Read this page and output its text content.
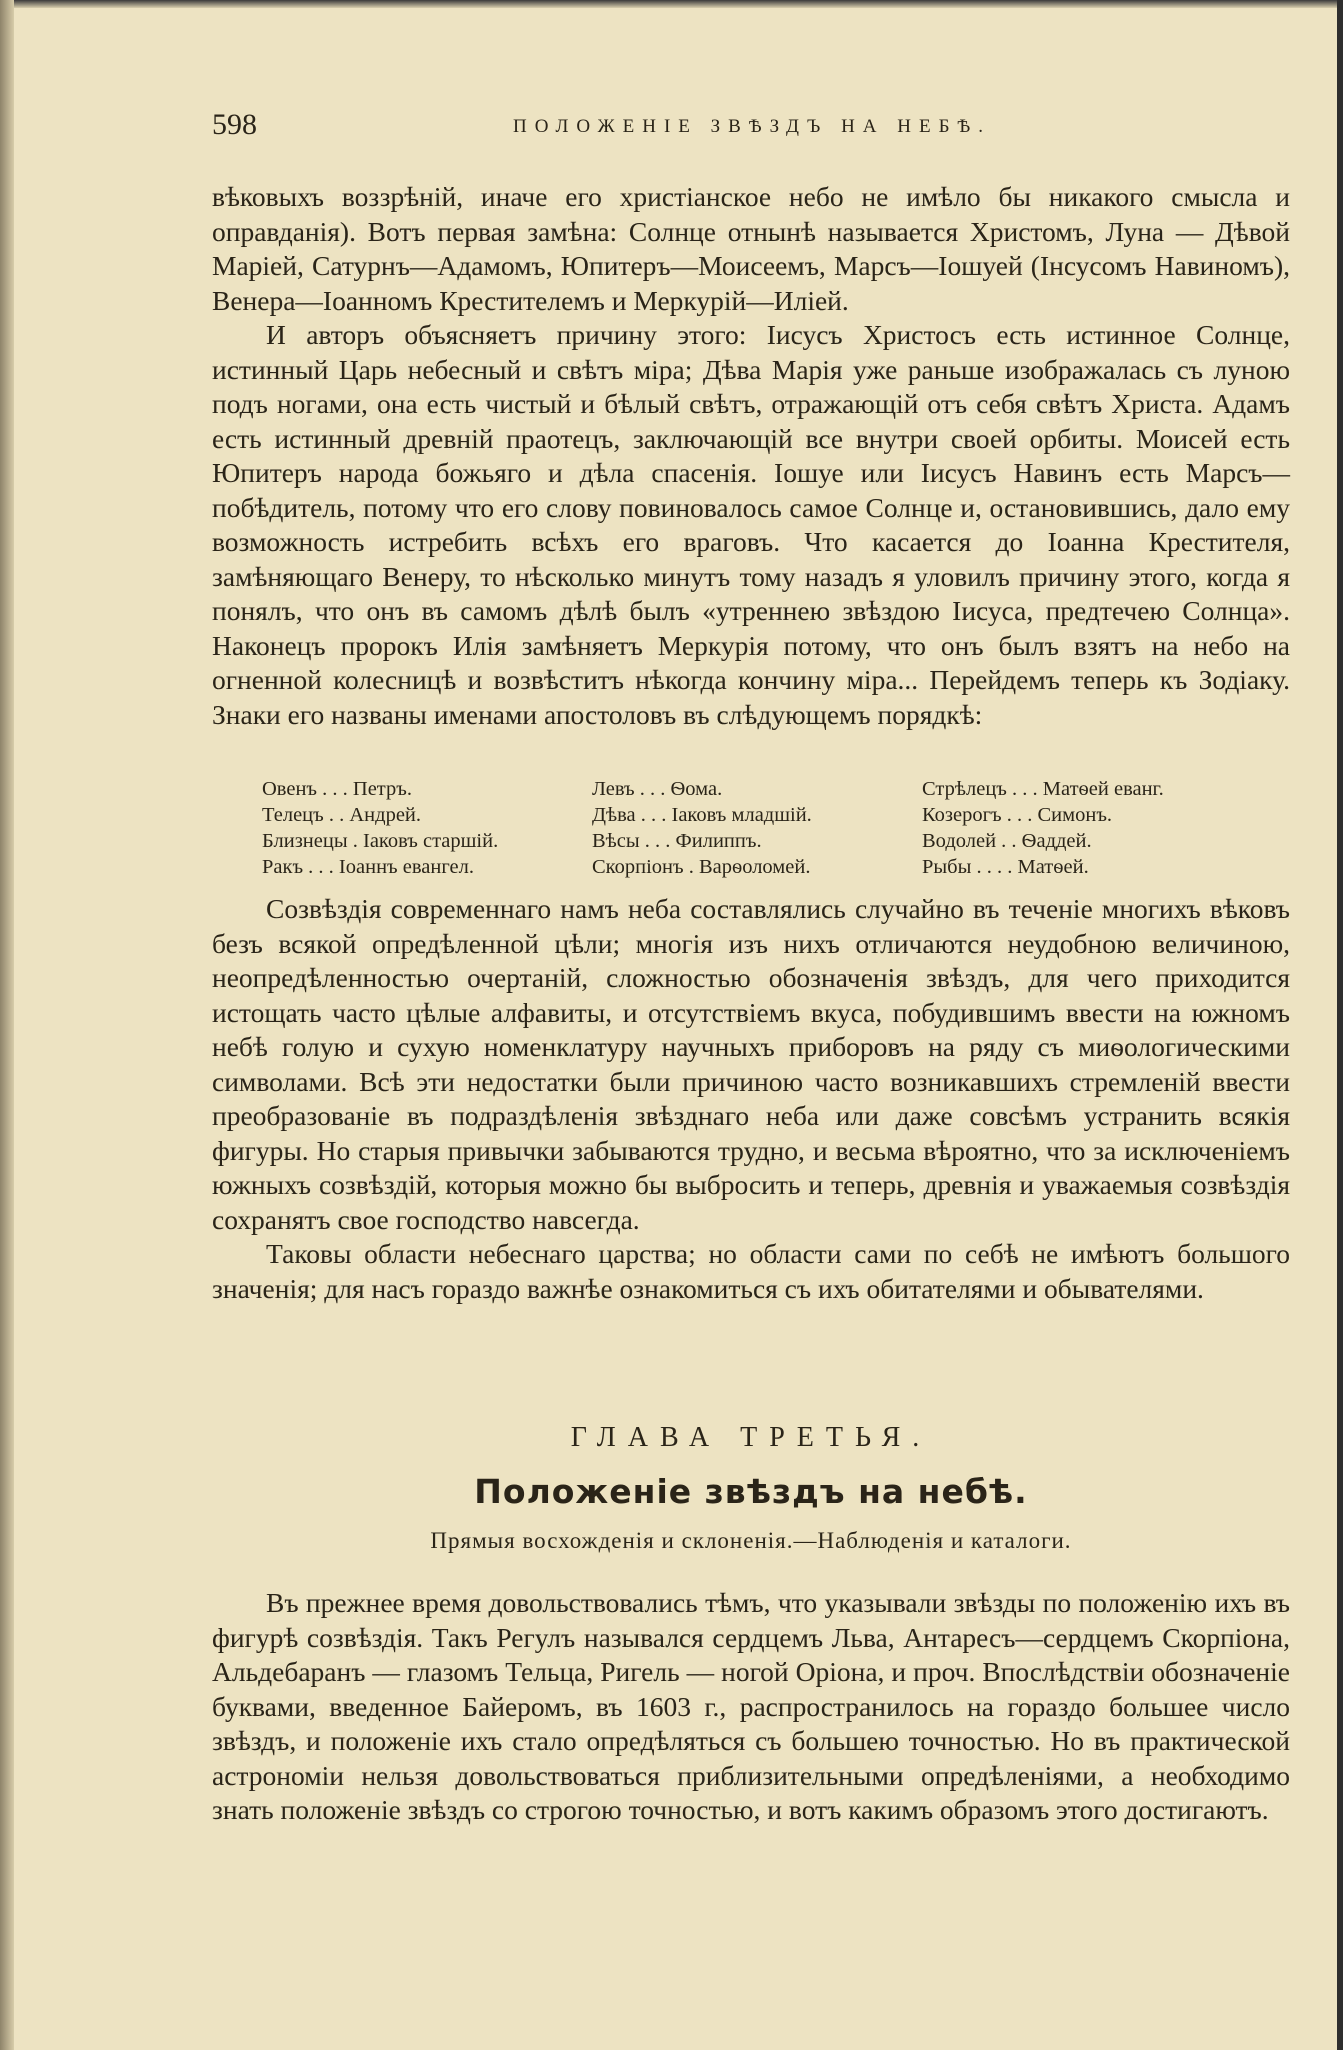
598	ПОЛОЖЕНІЕ ЗВѢЗДЪ НА НЕБѢ.

вѣковыхъ воззрѣній, иначе его христіанское небо не имѣло бы никакого смысла и оправданія). Вотъ первая замѣна: Солнце отнынѣ называется Христомъ, Луна — Дѣвой Маріей, Сатурнъ—Адамомъ, Юпитеръ—Моисеемъ, Марсъ—Іошуей (Інсусомъ Навиномъ), Венера—Іоанномъ Крестителемъ и Меркурій—Иліей.

И авторъ объясняетъ причину этого: Іисусъ Христосъ есть истинное Солнце, истинный Царь небесный и свѣтъ міра; Дѣва Марія уже раньше изображалась съ луною подъ ногами, она есть чистый и бѣлый свѣтъ, отражающій отъ себя свѣтъ Христа. Адамъ есть истинный древній праотецъ, заключающій все внутри своей орбиты. Моисей есть Юпитеръ народа божьяго и дѣла спасенія. Іошуе или Іисусъ Навинъ есть Марсъ—побѣдитель, потому что его слову повиновалось самое Солнце и, остановившись, дало ему возможность истребить всѣхъ его враговъ. Что касается до Іоанна Крестителя, замѣняющаго Венеру, то нѣсколько минутъ тому назадъ я уловилъ причину этого, когда я понялъ, что онъ въ самомъ дѣлѣ былъ «утреннею звѣздою Іисуса, предтечею Солнца». Наконецъ пророкъ Илія замѣняетъ Меркурія потому, что онъ былъ взятъ на небо на огненной колесницѣ и возвѣститъ нѣкогда кончину міра... Перейдемъ теперь къ Зодіаку. Знаки его названы именами апостоловъ въ слѣдующемъ порядкѣ:

Овенъ . . . Петръ.	Левъ . . . Ѳома.	Стрѣлецъ . . . Матѳей еванг.
Телецъ . . Андрей.	Дѣва . . . Іаковъ младшій.	Козерогъ . . . Симонъ.
Близнецы . Іаковъ старшій.	Вѣсы . . . Филиппъ.	Водолей . . Ѳаддей.
Ракъ . . . Іоаннъ евангел.	Скорпіонъ . Варѳоломей.	Рыбы . . . . Матѳей.

Созвѣздія современнаго намъ неба составлялись случайно въ теченіе многихъ вѣковъ безъ всякой опредѣленной цѣли; многія изъ нихъ отличаются неудобною величиною, неопредѣленностью очертаній, сложностью обозначенія звѣздъ, для чего приходится истощать часто цѣлые алфавиты, и отсутствіемъ вкуса, побудившимъ ввести на южномъ небѣ голую и сухую номенклатуру научныхъ приборовъ на ряду съ миѳологическими символами. Всѣ эти недостатки были причиною часто возникавшихъ стремленій ввести преобразованіе въ подраздѣленія звѣзднаго неба или даже совсѣмъ устранить всякія фигуры. Но старыя привычки забываются трудно, и весьма вѣроятно, что за исключеніемъ южныхъ созвѣздій, которыя можно бы выбросить и теперь, древнія и уважаемыя созвѣздія сохранятъ свое господство навсегда.

Таковы области небеснаго царства; но области сами по себѣ не имѣютъ большого значенія; для насъ гораздо важнѣе ознакомиться съ ихъ обитателями и обывателями.

ГЛАВА ТРЕТЬЯ.
Положеніе звѣздъ на небѣ.
Прямыя восхожденія и склоненія.—Наблюденія и каталоги.

Въ прежнее время довольствовались тѣмъ, что указывали звѣзды по положенію ихъ въ фигурѣ созвѣздія. Такъ Регулъ назывался сердцемъ Льва, Антаресъ—сердцемъ Скорпіона, Альдебаранъ — глазомъ Тельца, Ригель — ногой Оріона, и проч. Впослѣдствіи обозначеніе буквами, введенное Байеромъ, въ 1603 г., распространилось на гораздо большее число звѣздъ, и положеніе ихъ стало опредѣляться съ большею точностью. Но въ практической астрономіи нельзя довольствоваться приблизительными опредѣленіями, а необходимо знать положеніе звѣздъ со строгою точностью, и вотъ какимъ образомъ этого достигаютъ.
